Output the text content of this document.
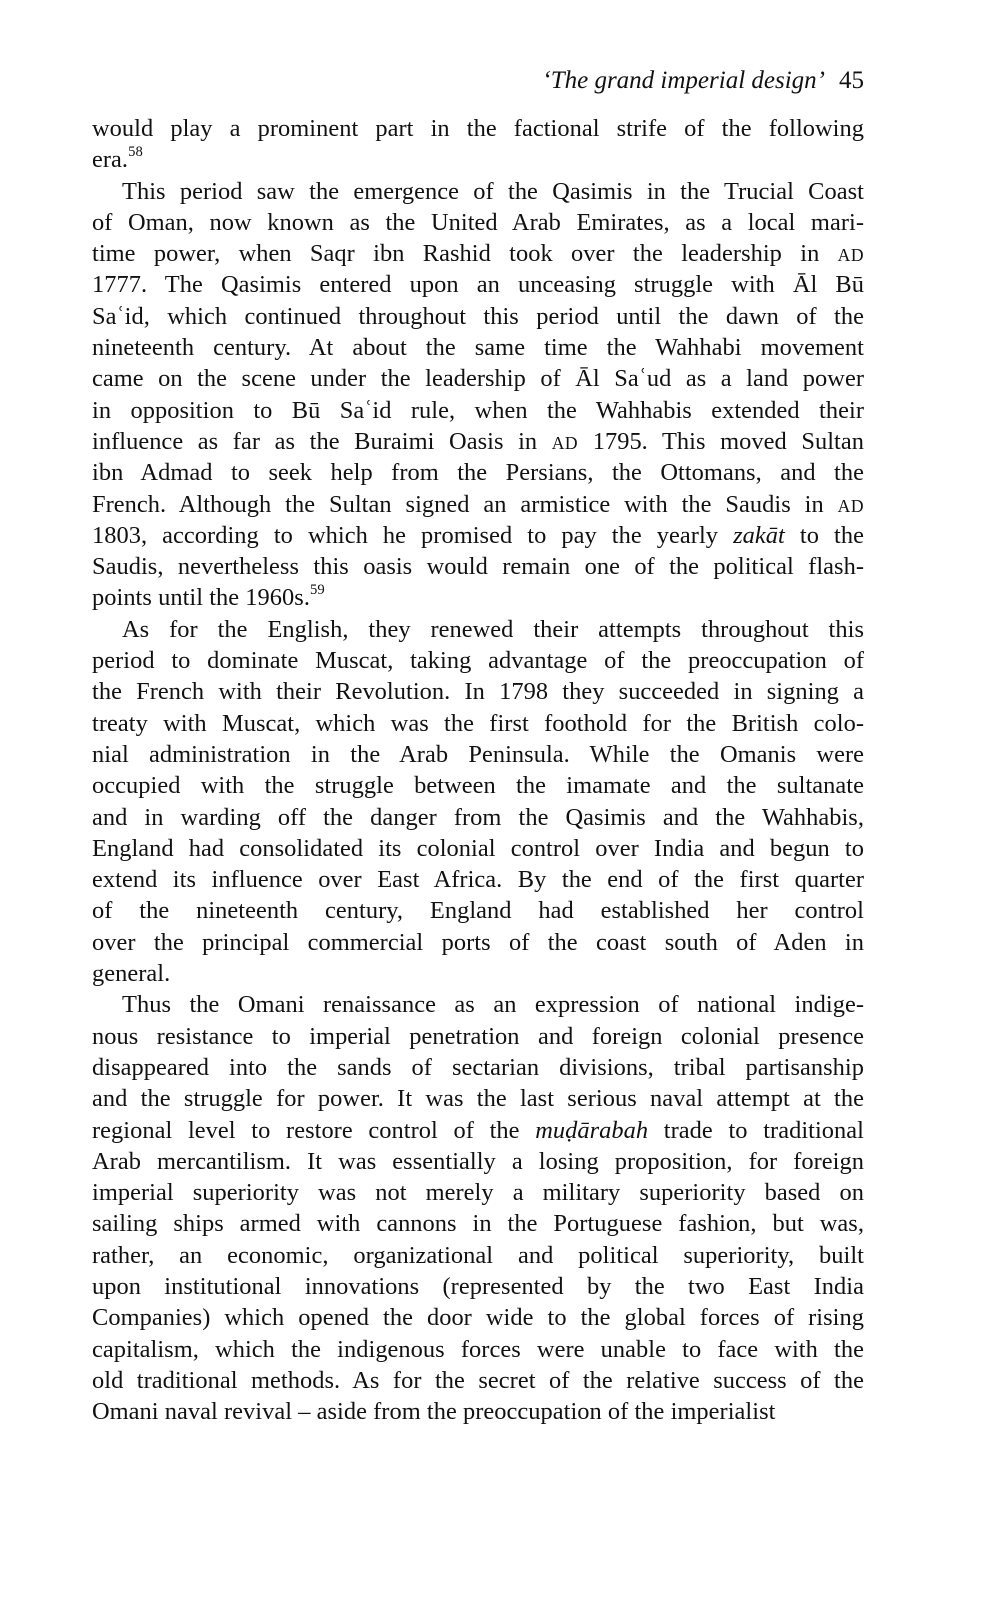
‘The grand imperial design’ 45
would play a prominent part in the factional strife of the following
era.$^{58}$
This period saw the emergence of the Qasimis in the Trucial Coast
of Oman, now known as the United Arab Emirates, as a local mari-
time power, when Saqr ibn Rashid took over the leadership in AD
1777. The Qasimis entered upon an unceasing struggle with Āl Bū
Saʿid, which continued throughout this period until the dawn of the
nineteenth century. At about the same time the Wahhabi movement
came on the scene under the leadership of Āl Saʿud as a land power
in opposition to Bū Saʿid rule, when the Wahhabis extended their
influence as far as the Buraimi Oasis in AD 1795. This moved Sultan
ibn Admad to seek help from the Persians, the Ottomans, and the
French. Although the Sultan signed an armistice with the Saudis in AD
1803, according to which he promised to pay the yearly zakāt to the
Saudis, nevertheless this oasis would remain one of the political flash-
points until the 1960s.$^{59}$
As for the English, they renewed their attempts throughout this
period to dominate Muscat, taking advantage of the preoccupation of
the French with their Revolution. In 1798 they succeeded in signing a
treaty with Muscat, which was the first foothold for the British colo-
nial administration in the Arab Peninsula. While the Omanis were
occupied with the struggle between the imamate and the sultanate
and in warding off the danger from the Qasimis and the Wahhabis,
England had consolidated its colonial control over India and begun to
extend its influence over East Africa. By the end of the first quarter
of the nineteenth century, England had established her control
over the principal commercial ports of the coast south of Aden in
general.
Thus the Omani renaissance as an expression of national indige-
nous resistance to imperial penetration and foreign colonial presence
disappeared into the sands of sectarian divisions, tribal partisanship
and the struggle for power. It was the last serious naval attempt at the
regional level to restore control of the muḍārabah trade to traditional
Arab mercantilism. It was essentially a losing proposition, for foreign
imperial superiority was not merely a military superiority based on
sailing ships armed with cannons in the Portuguese fashion, but was,
rather, an economic, organizational and political superiority, built
upon institutional innovations (represented by the two East India
Companies) which opened the door wide to the global forces of rising
capitalism, which the indigenous forces were unable to face with the
old traditional methods. As for the secret of the relative success of the
Omani naval revival – aside from the preoccupation of the imperialist
